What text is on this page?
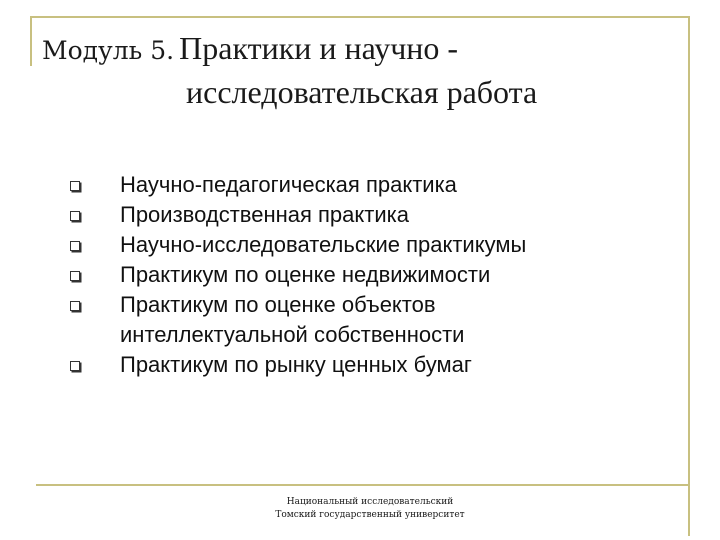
Модуль 5. Практики и научно -
исследовательская работа
Научно-педагогическая практика
Производственная практика
Научно-исследовательские практикумы
Практикум по оценке недвижимости
Практикум по оценке объектов
интеллектуальной собственности
Практикум по рынку ценных бумаг
Национальный исследовательский
Томский государственный университет
